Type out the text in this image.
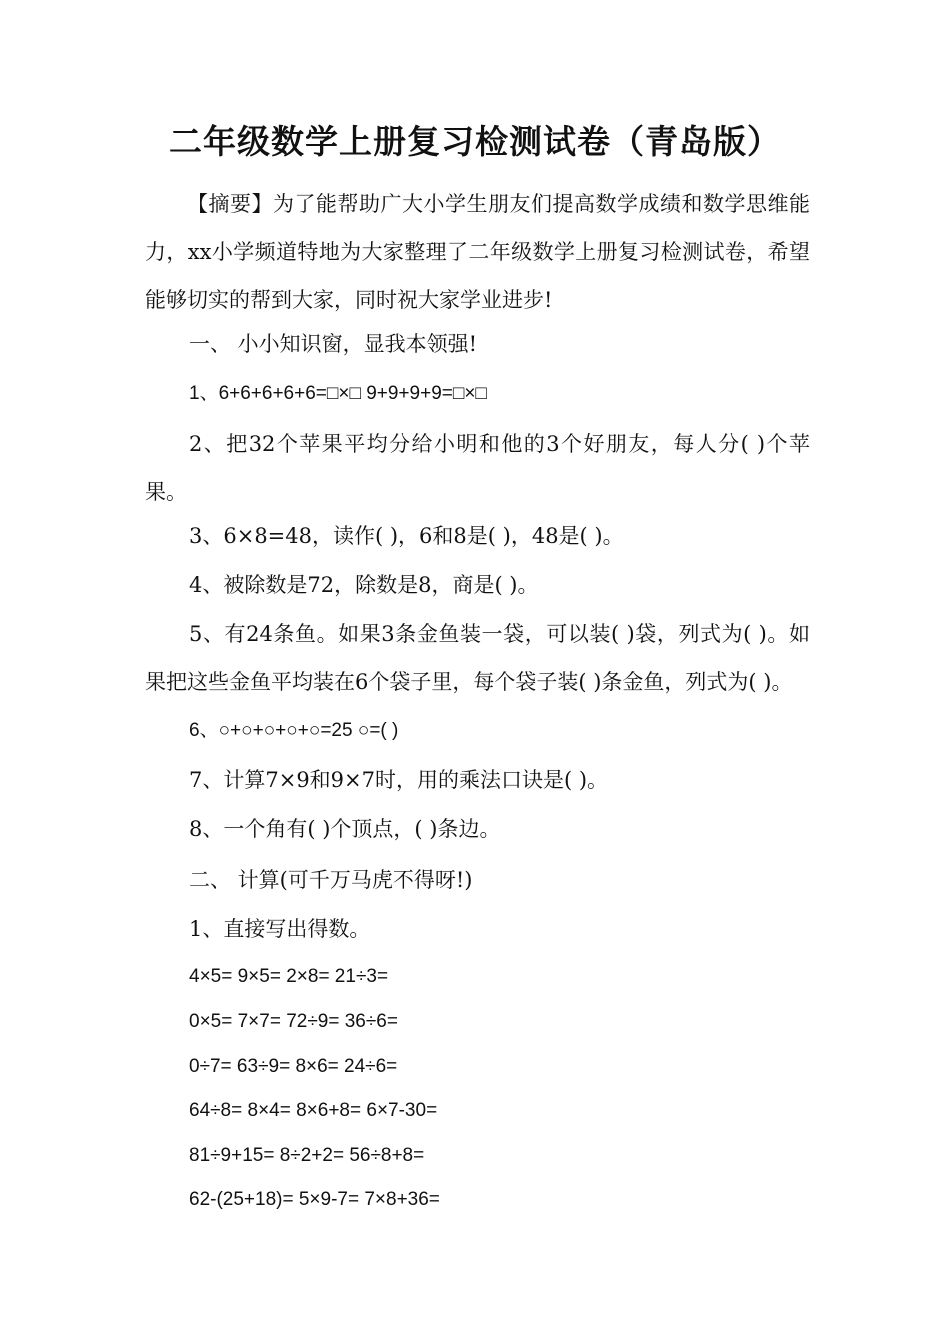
二年级数学上册复习检测试卷（青岛版）

【摘要】为了能帮助广大小学生朋友们提高数学成绩和数学思维能力，xx小学频道特地为大家整理了二年级数学上册复习检测试卷，希望能够切实的帮到大家，同时祝大家学业进步!

一、 小小知识窗，显我本领强!

1、6+6+6+6+6=□×□ 9+9+9+9=□×□

2、把32个苹果平均分给小明和他的3个好朋友，每人分( )个苹果。

3、6×8=48，读作( )，6和8是( )，48是( )。

4、被除数是72，除数是8，商是( )。

5、有24条鱼。如果3条金鱼装一袋，可以装( )袋，列式为( )。如果把这些金鱼平均装在6个袋子里，每个袋子装( )条金鱼，列式为( )。

6、○+○+○+○+○=25 ○=( )

7、计算7×9和9×7时，用的乘法口诀是( )。

8、一个角有( )个顶点，( )条边。

二、 计算(可千万马虎不得呀!)

1、直接写出得数。

4×5= 9×5= 2×8= 21÷3=

0×5= 7×7= 72÷9= 36÷6=

0÷7= 63÷9= 8×6= 24÷6=

64÷8= 8×4= 8×6+8= 6×7-30=

81÷9+15= 8÷2+2= 56÷8+8=

62-(25+18)= 5×9-7= 7×8+36=
